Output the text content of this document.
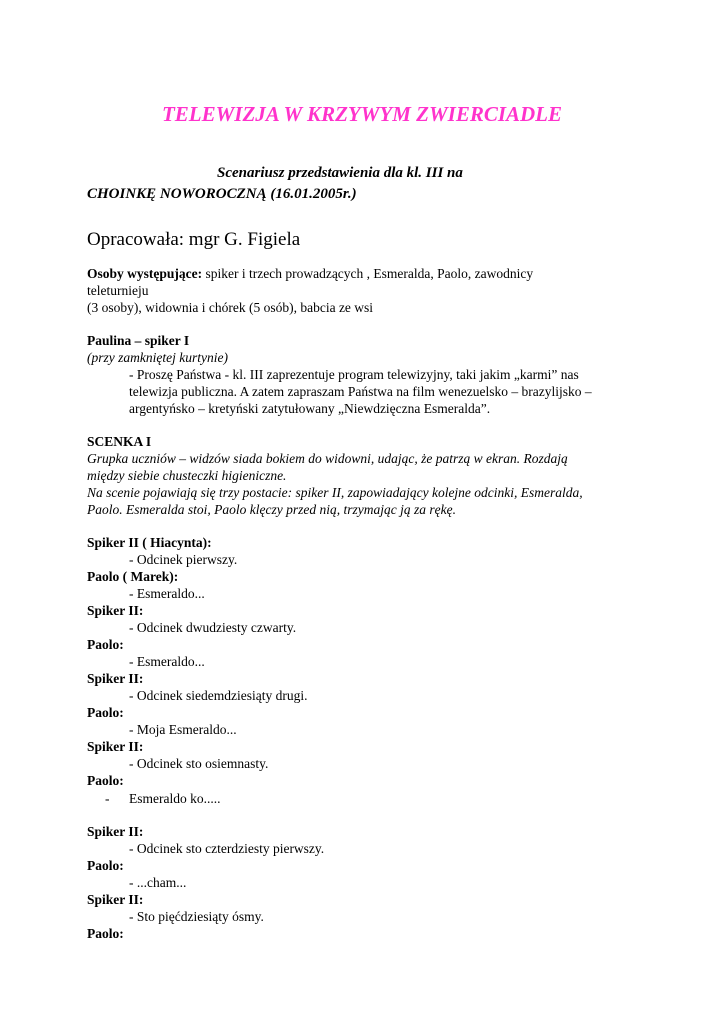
TELEWIZJA W KRZYWYM ZWIERCIADLE
Scenariusz przedstawienia dla kl. III na
CHOINKĘ NOWOROCZNĄ (16.01.2005r.)
Opracowała: mgr G. Figiela
Osoby występujące: spiker i trzech prowadzących , Esmeralda, Paolo, zawodnicy
teleturnieju
(3 osoby), widownia i chórek (5 osób), babcia ze wsi
Paulina – spiker I
(przy zamkniętej kurtynie)
- Proszę Państwa - kl. III zaprezentuje program telewizyjny, taki jakim „karmi” nas
telewizja publiczna. A zatem zapraszam Państwa na film wenezuelsko – brazylijsko –
argentyńsko – kretyński zatytułowany „Niewdzięczna Esmeralda”.
SCENKA I
Grupka uczniów – widzów siada bokiem do widowni, udając, że patrzą w ekran. Rozdają
między siebie chusteczki higieniczne.
Na scenie pojawiają się trzy postacie: spiker II, zapowiadający kolejne odcinki, Esmeralda,
Paolo. Esmeralda stoi, Paolo klęczy przed nią, trzymając ją za rękę.
Spiker II ( Hiacynta):
- Odcinek pierwszy.
Paolo ( Marek):
- Esmeraldo...
Spiker II:
- Odcinek dwudziesty czwarty.
Paolo:
- Esmeraldo...
Spiker II:
- Odcinek siedemdziesiąty drugi.
Paolo:
- Moja Esmeraldo...
Spiker II:
- Odcinek sto osiemnasty.
Paolo:
- Esmeraldo ko.....
Spiker II:
- Odcinek sto czterdziesty pierwszy.
Paolo:
- ...cham...
Spiker II:
- Sto pięćdziesiąty ósmy.
Paolo:
